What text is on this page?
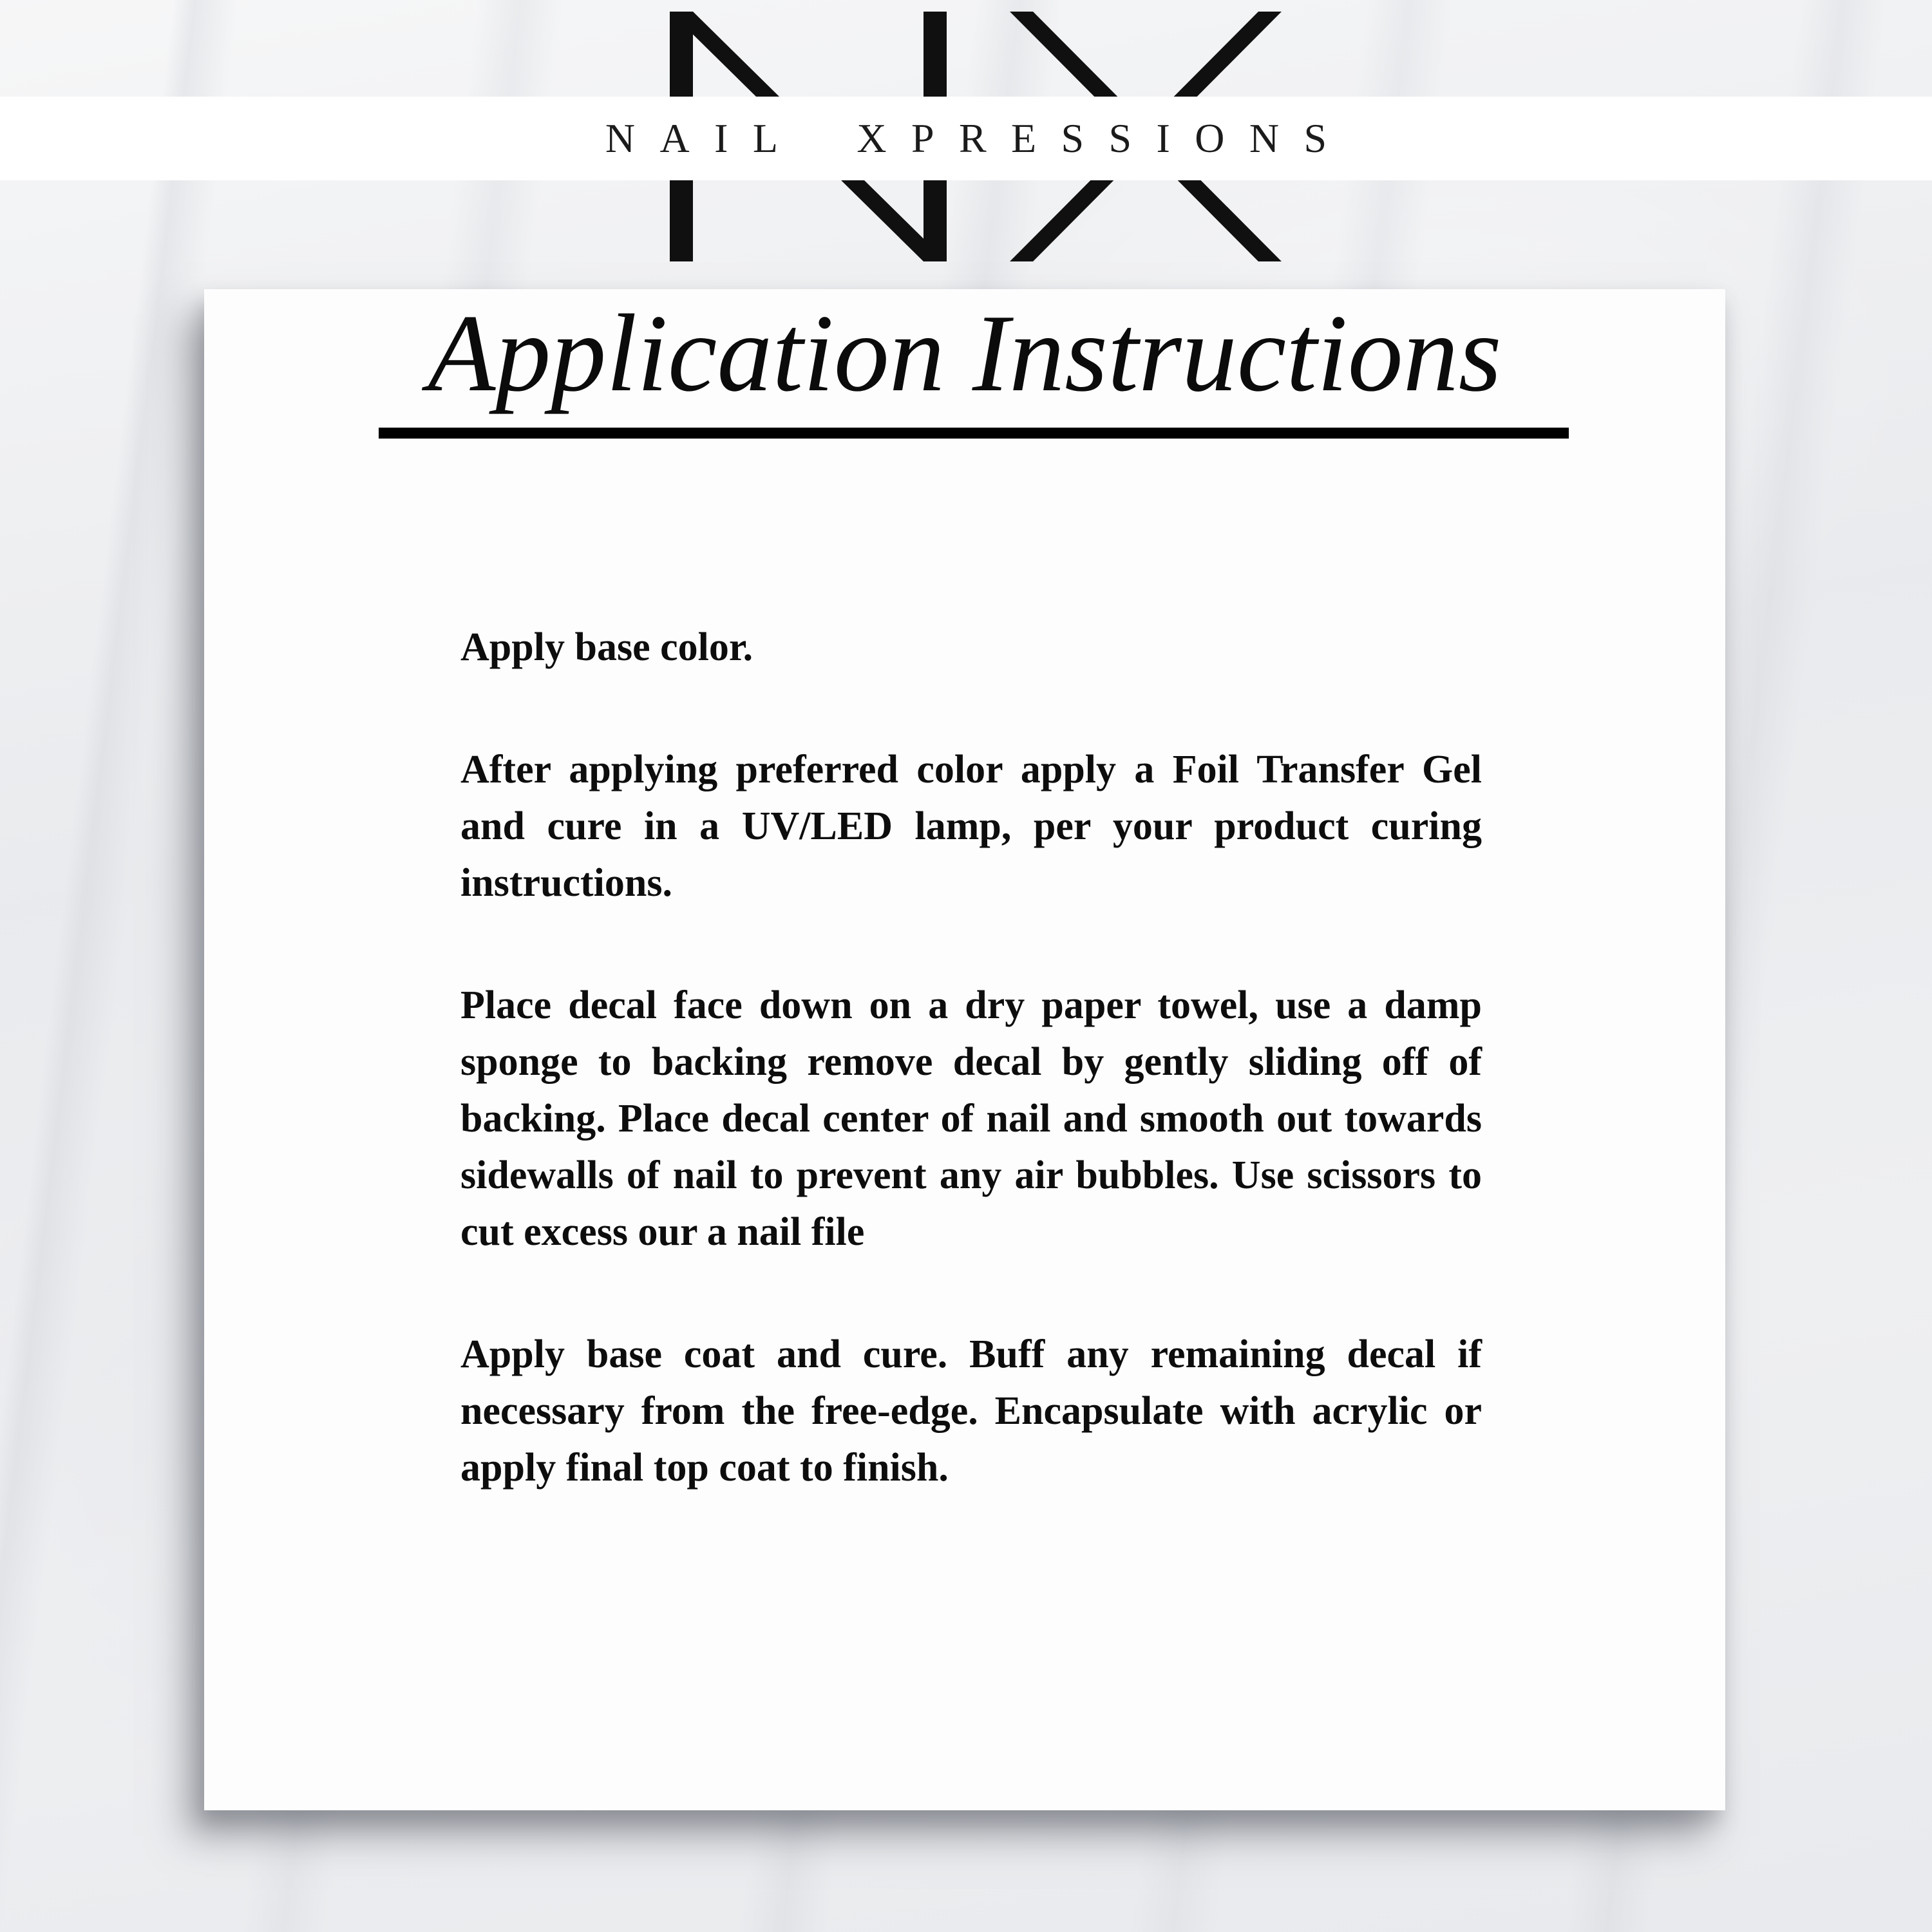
NAIL XPRESSIONS
Application Instructions

Apply base color.

After applying preferred color apply a Foil Transfer Gel and cure in a UV/LED lamp, per your product curing instructions.

Place decal face down on a dry paper towel, use a damp sponge to backing remove decal by gently sliding off of backing. Place decal center of nail and smooth out towards sidewalls of nail to prevent any air bubbles. Use scissors to cut excess our a nail file

Apply base coat and cure. Buff any remaining decal if necessary from the free-edge. Encapsulate with acrylic or apply final top coat to finish.
